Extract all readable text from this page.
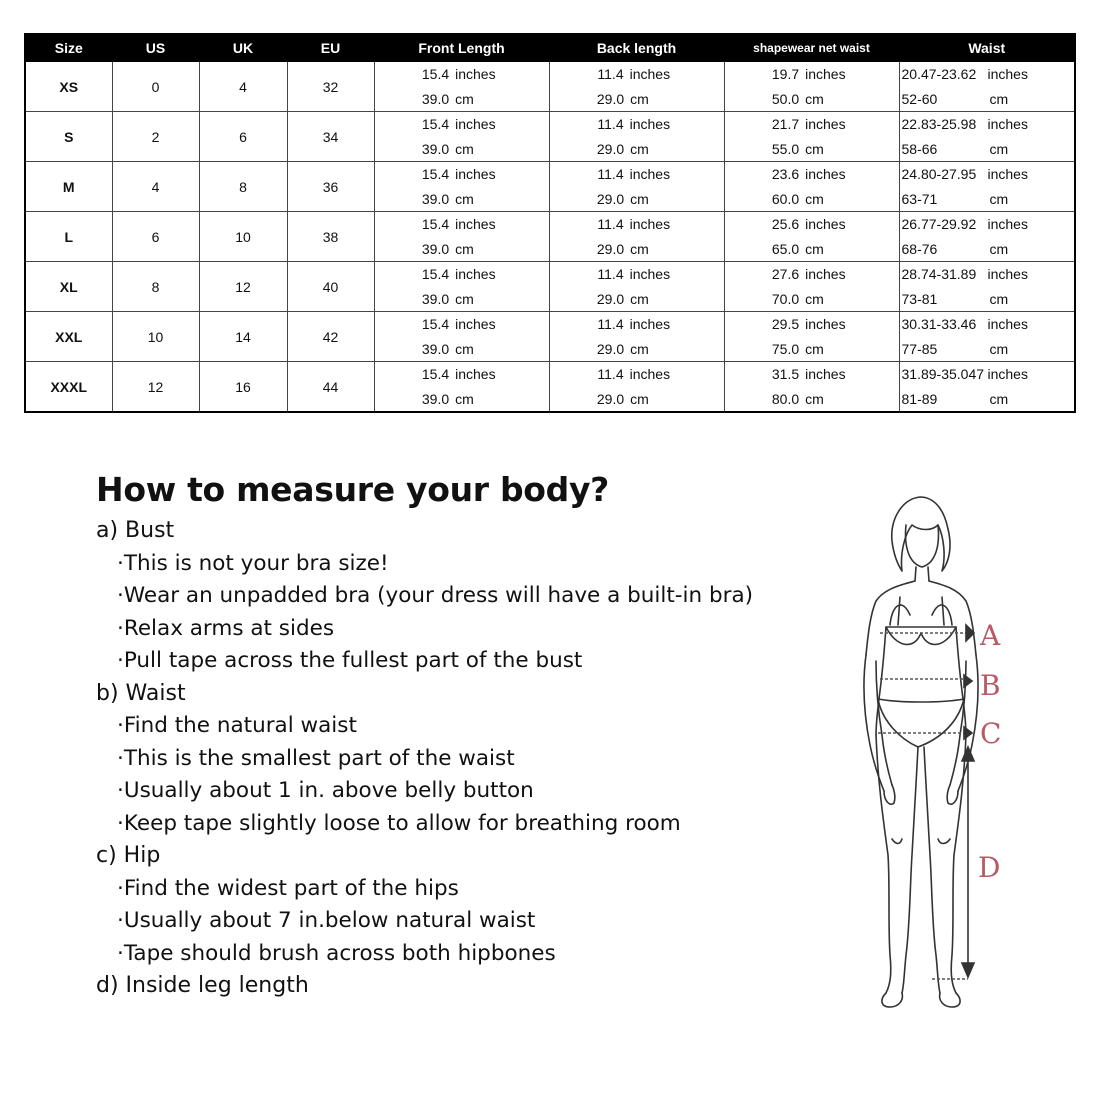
Size	US	UK	EU	Front Length	Back length	shapewear net waist	Waist
XS	0	4	32	15.4 inches	11.4 inches	19.7 inches	20.47-23.62 inches

				39.0 cm	29.0 cm	50.0 cm	52-60 cm

S	2	6	34	15.4 inches	11.4 inches	21.7 inches	22.83-25.98 inches

				39.0 cm	29.0 cm	55.0 cm	58-66 cm

M	4	8	36	15.4 inches	11.4 inches	23.6 inches	24.80-27.95 inches

				39.0 cm	29.0 cm	60.0 cm	63-71 cm

L	6	10	38	15.4 inches	11.4 inches	25.6 inches	26.77-29.92 inches

				39.0 cm	29.0 cm	65.0 cm	68-76 cm

XL	8	12	40	15.4 inches	11.4 inches	27.6 inches	28.74-31.89 inches

				39.0 cm	29.0 cm	70.0 cm	73-81 cm

XXL	10	14	42	15.4 inches	11.4 inches	29.5 inches	30.31-33.46 inches

				39.0 cm	29.0 cm	75.0 cm	77-85 cm

XXXL	12	16	44	15.4 inches	11.4 inches	31.5 inches	31.89-35.047 inches

				39.0 cm	29.0 cm	80.0 cm	81-89 cm
How to measure your body?

a) Bust

· This is not your bra size!

· Wear an unpadded bra (your dress will have a built-in bra)

· Relax arms at sides

· Pull tape across the fullest part of the bust

b) Waist

· Find the natural waist

· This is the smallest part of the waist

· Usually about 1 in. above belly button

· Keep tape slightly loose to allow for breathing room

c) Hip

· Find the widest part of the hips

· Usually about 7 in.below natural waist

· Tape should brush across both hipbones

d) Inside leg length

A
B
C
D
